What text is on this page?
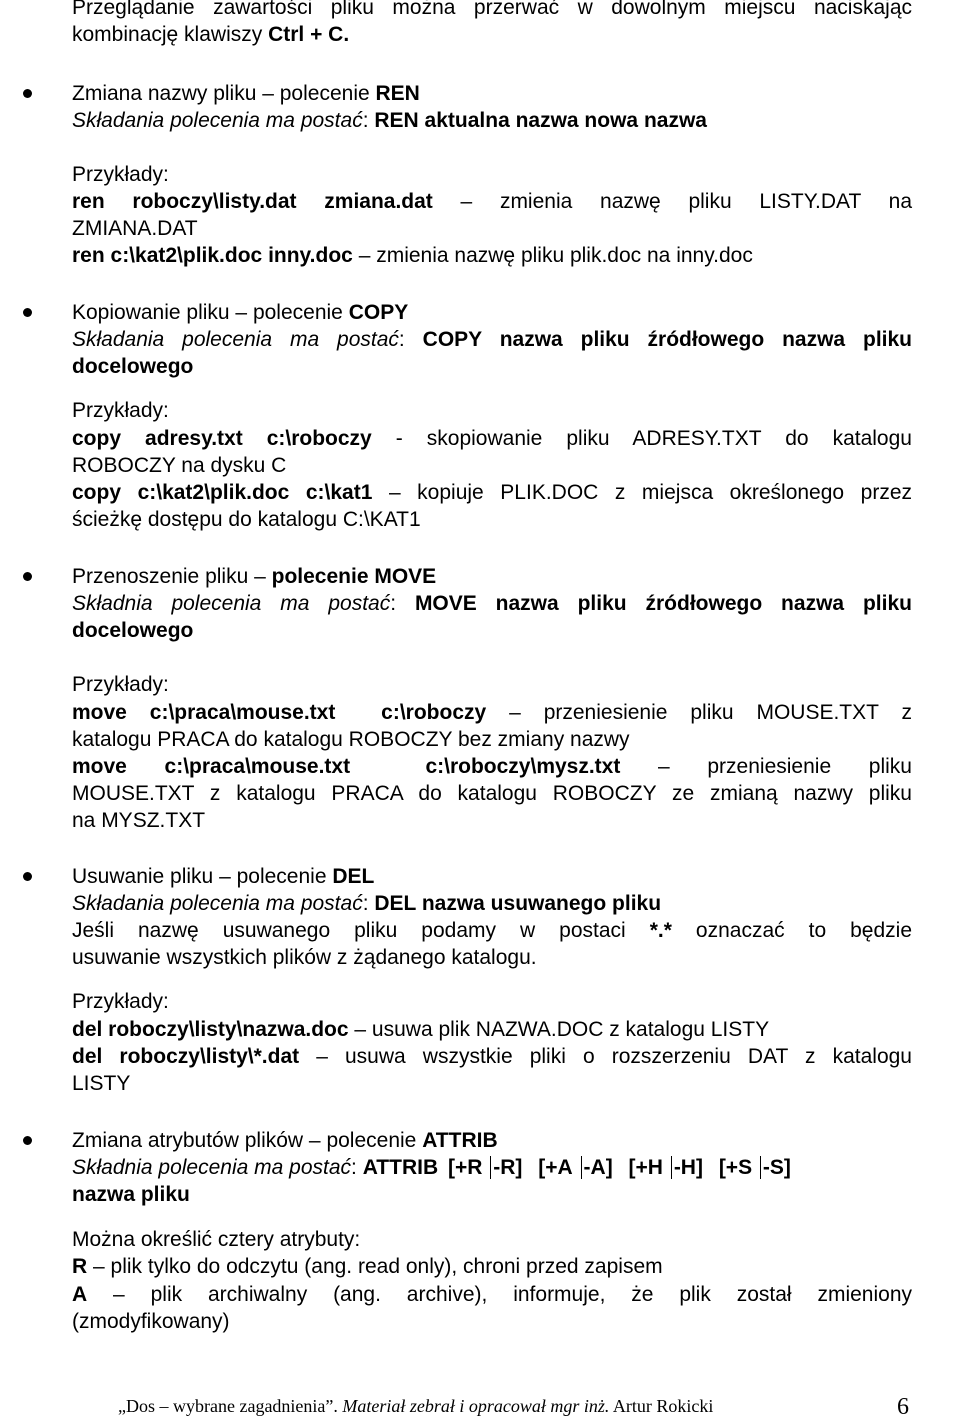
Przeglądanie zawartości pliku można przerwać w dowolnym miejscu naciskając
kombinację klawiszy Ctrl + C.
Zmiana nazwy pliku – polecenie REN
Składania polecenia ma postać: REN aktualna nazwa nowa nazwa
Przykłady:
ren roboczy\listy.dat zmiana.dat – zmienia nazwę pliku LISTY.DAT na
ZMIANA.DAT
ren c:\kat2\plik.doc inny.doc – zmienia nazwę pliku plik.doc na inny.doc
Kopiowanie pliku – polecenie COPY
Składania polecenia ma postać: COPY nazwa pliku źródłowego nazwa pliku
docelowego
Przykłady:
copy adresy.txt c:\roboczy - skopiowanie pliku ADRESY.TXT do katalogu
ROBOCZY na dysku C
copy c:\kat2\plik.doc c:\kat1 – kopiuje PLIK.DOC z miejsca określonego przez
ścieżkę dostępu do katalogu C:\KAT1
Przenoszenie pliku – polecenie MOVE
Składnia polecenia ma postać: MOVE nazwa pliku źródłowego nazwa pliku
docelowego
Przykłady:
move c:\praca\mouse.txt  c:\roboczy – przeniesienie pliku MOUSE.TXT z
katalogu PRACA do katalogu ROBOCZY bez zmiany nazwy
move c:\praca\mouse.txt  c:\roboczy\mysz.txt – przeniesienie pliku
MOUSE.TXT z katalogu PRACA do katalogu ROBOCZY ze zmianą nazwy pliku
na MYSZ.TXT
Usuwanie pliku – polecenie DEL
Składania polecenia ma postać: DEL nazwa usuwanego pliku
Jeśli nazwę usuwanego pliku podamy w postaci *.* oznaczać to będzie
usuwanie wszystkich plików z żądanego katalogu.
Przykłady:
del roboczy\listy\nazwa.doc – usuwa plik NAZWA.DOC z katalogu LISTY
del roboczy\listy\*.dat – usuwa wszystkie pliki o rozszerzeniu DAT z katalogu
LISTY
Zmiana atrybutów plików – polecenie ATTRIB
Składnia polecenia ma postać: ATTRIB [+R -R] [+A -A] [+H -H] [+S -S]
nazwa pliku
Można określić cztery atrybuty:
R – plik tylko do odczytu (ang. read only), chroni przed zapisem
A – plik archiwalny (ang. archive), informuje, że plik został zmieniony
(zmodyfikowany)
„Dos – wybrane zagadnienia”. Materiał zebrał i opracował mgr inż. Artur Rokicki	6
